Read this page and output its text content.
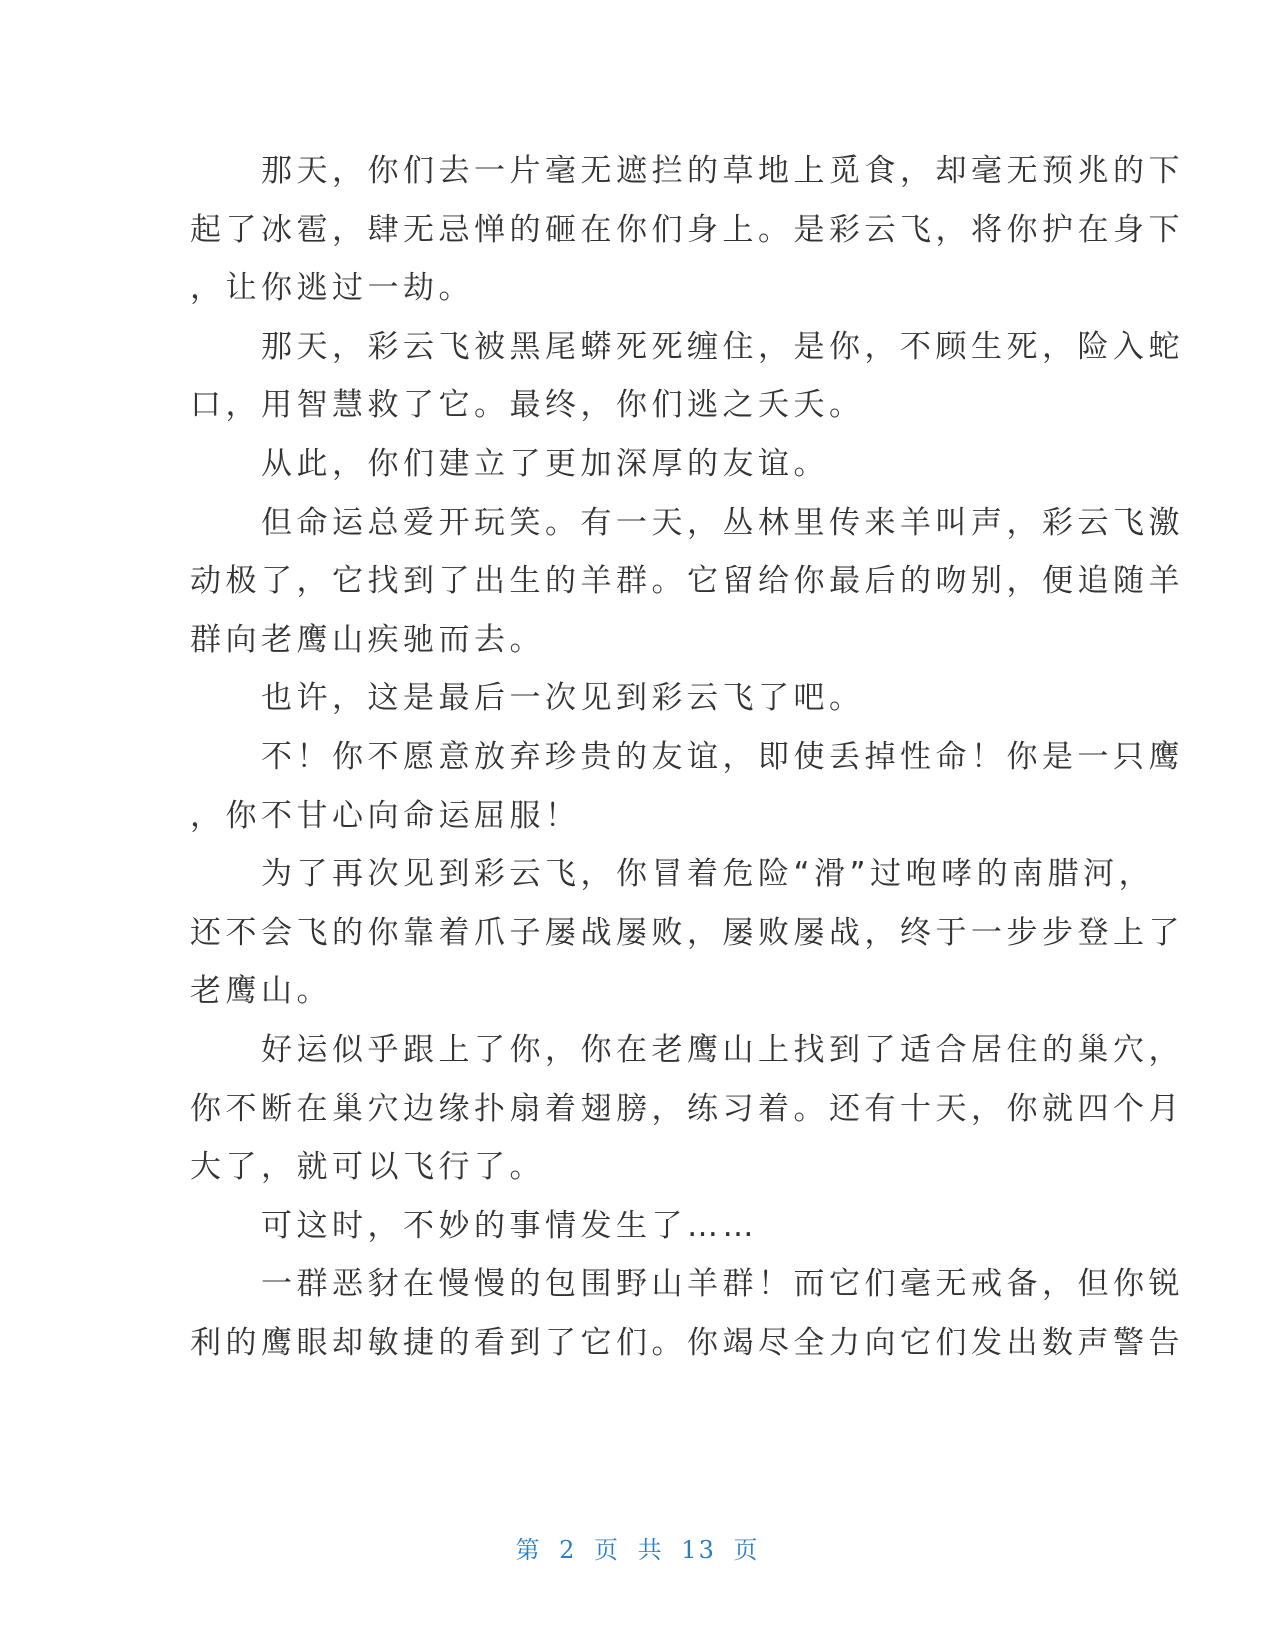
　　那天，你们去一片毫无遮拦的草地上觅食，却毫无预兆的下
起了冰雹，肆无忌惮的砸在你们身上。是彩云飞，将你护在身下
，让你逃过一劫。
　　那天，彩云飞被黑尾蟒死死缠住，是你，不顾生死，险入蛇
口，用智慧救了它。最终，你们逃之夭夭。
　　从此，你们建立了更加深厚的友谊。
　　但命运总爱开玩笑。有一天，丛林里传来羊叫声，彩云飞激
动极了，它找到了出生的羊群。它留给你最后的吻别，便追随羊
群向老鹰山疾驰而去。
　　也许，这是最后一次见到彩云飞了吧。
　　不！你不愿意放弃珍贵的友谊，即使丢掉性命！你是一只鹰
，你不甘心向命运屈服！
　　为了再次见到彩云飞，你冒着危险“滑”过咆哮的南腊河，
还不会飞的你靠着爪子屡战屡败，屡败屡战，终于一步步登上了
老鹰山。
　　好运似乎跟上了你，你在老鹰山上找到了适合居住的巢穴，
你不断在巢穴边缘扑扇着翅膀，练习着。还有十天，你就四个月
大了，就可以飞行了。
　　可这时，不妙的事情发生了……
　　一群恶豺在慢慢的包围野山羊群！而它们毫无戒备，但你锐
利的鹰眼却敏捷的看到了它们。你竭尽全力向它们发出数声警告
第 2 页 共 13 页
